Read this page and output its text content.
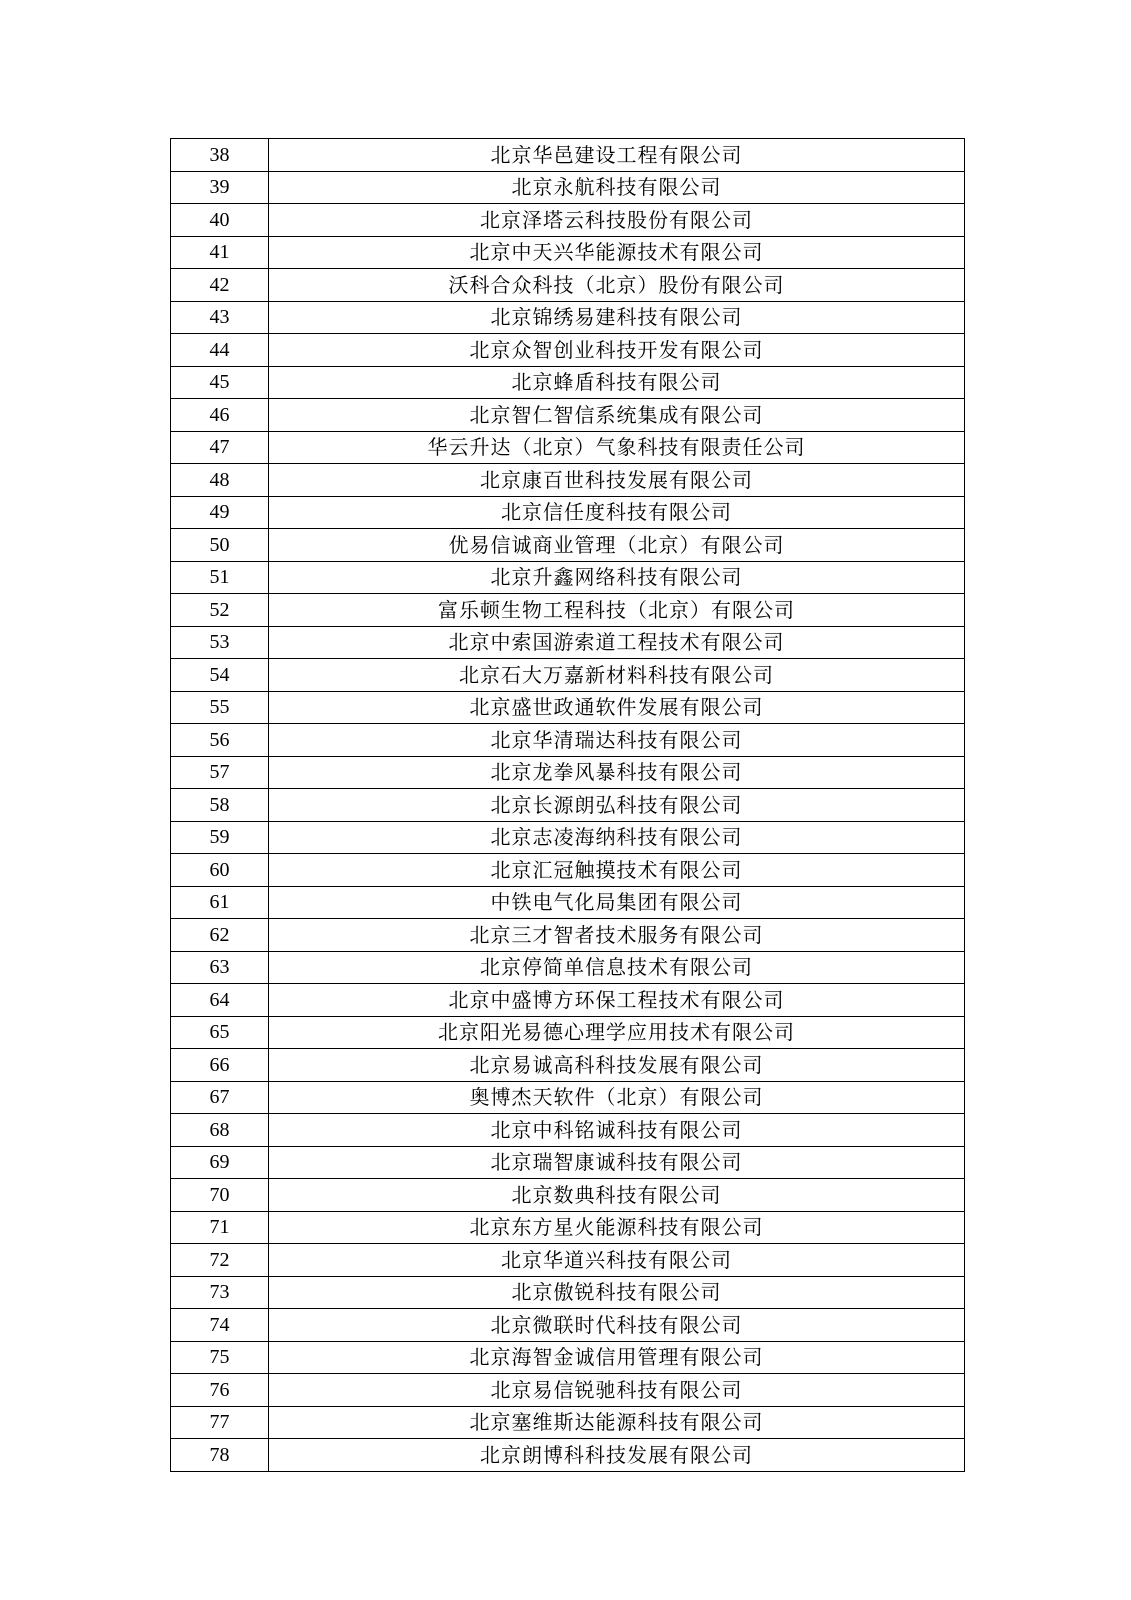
38	北京华邑建设工程有限公司
39	北京永航科技有限公司
40	北京泽塔云科技股份有限公司
41	北京中天兴华能源技术有限公司
42	沃科合众科技（北京）股份有限公司
43	北京锦绣易建科技有限公司
44	北京众智创业科技开发有限公司
45	北京蜂盾科技有限公司
46	北京智仁智信系统集成有限公司
47	华云升达（北京）气象科技有限责任公司
48	北京康百世科技发展有限公司
49	北京信任度科技有限公司
50	优易信诚商业管理（北京）有限公司
51	北京升鑫网络科技有限公司
52	富乐顿生物工程科技（北京）有限公司
53	北京中索国游索道工程技术有限公司
54	北京石大万嘉新材料科技有限公司
55	北京盛世政通软件发展有限公司
56	北京华清瑞达科技有限公司
57	北京龙拳风暴科技有限公司
58	北京长源朗弘科技有限公司
59	北京志凌海纳科技有限公司
60	北京汇冠触摸技术有限公司
61	中铁电气化局集团有限公司
62	北京三才智者技术服务有限公司
63	北京停简单信息技术有限公司
64	北京中盛博方环保工程技术有限公司
65	北京阳光易德心理学应用技术有限公司
66	北京易诚高科科技发展有限公司
67	奥博杰天软件（北京）有限公司
68	北京中科铭诚科技有限公司
69	北京瑞智康诚科技有限公司
70	北京数典科技有限公司
71	北京东方星火能源科技有限公司
72	北京华道兴科技有限公司
73	北京傲锐科技有限公司
74	北京微联时代科技有限公司
75	北京海智金诚信用管理有限公司
76	北京易信锐驰科技有限公司
77	北京塞维斯达能源科技有限公司
78	北京朗博科科技发展有限公司
